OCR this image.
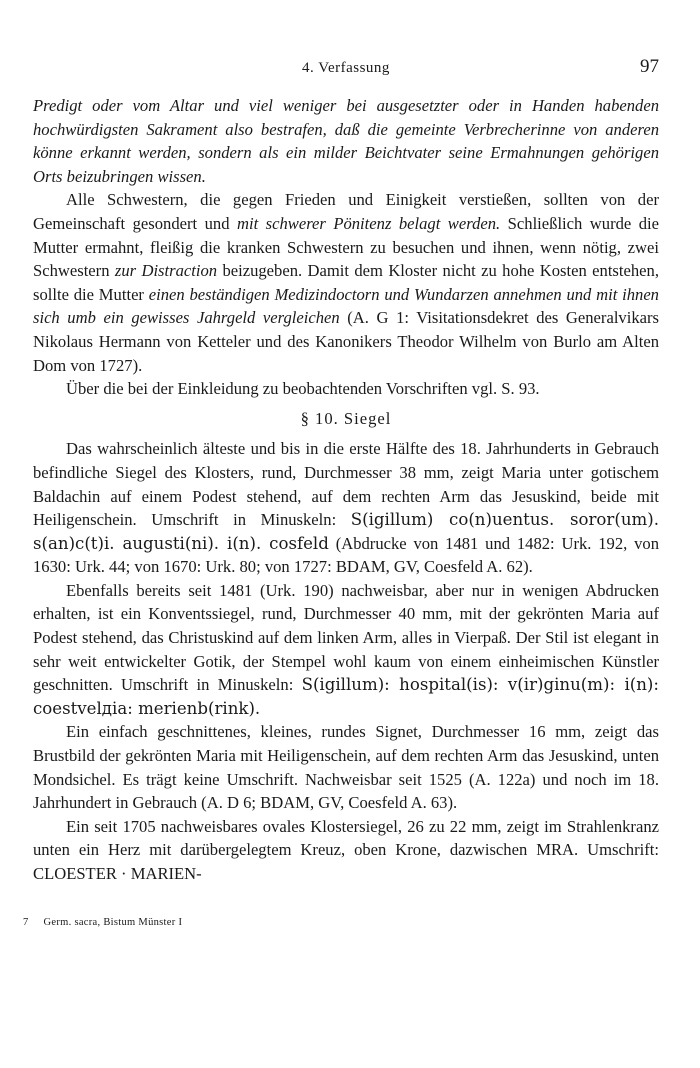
4. Verfassung	97

Predigt oder vom Altar und viel weniger bei ausgesetzter oder in Handen habenden hochwürdigsten Sakrament also bestrafen, daß die gemeinte Verbrecherinne von anderen könne erkannt werden, sondern als ein milder Beichtvater seine Ermahnungen gehörigen Orts beizubringen wissen.

Alle Schwestern, die gegen Frieden und Einigkeit verstießen, sollten von der Gemeinschaft gesondert und mit schwerer Pönitenz belagt werden. Schließlich wurde die Mutter ermahnt, fleißig die kranken Schwestern zu besuchen und ihnen, wenn nötig, zwei Schwestern zur Distraction beizugeben. Damit dem Kloster nicht zu hohe Kosten entstehen, sollte die Mutter einen beständigen Medizindoctorn und Wundarzen annehmen und mit ihnen sich umb ein gewisses Jahrgeld vergleichen (A. G 1: Visitationsdekret des Generalvikars Nikolaus Hermann von Ketteler und des Kanonikers Theodor Wilhelm von Burlo am Alten Dom von 1727).

Über die bei der Einkleidung zu beobachtenden Vorschriften vgl. S. 93.

§ 10. Siegel

Das wahrscheinlich älteste und bis in die erste Hälfte des 18. Jahrhunderts in Gebrauch befindliche Siegel des Klosters, rund, Durchmesser 38 mm, zeigt Maria unter gotischem Baldachin auf einem Podest stehend, auf dem rechten Arm das Jesuskind, beide mit Heiligenschein. Umschrift in Minuskeln: S(igillum) co(n)uentus. soror(um). s(an)c(t)i. augusti(ni). i(n). cosfeld (Abdrucke von 1481 und 1482: Urk. 192, von 1630: Urk. 44; von 1670: Urk. 80; von 1727: BDAM, GV, Coesfeld A. 62).

Ebenfalls bereits seit 1481 (Urk. 190) nachweisbar, aber nur in wenigen Abdrucken erhalten, ist ein Konventssiegel, rund, Durchmesser 40 mm, mit der gekrönten Maria auf Podest stehend, das Christuskind auf dem linken Arm, alles in Vierpaß. Der Stil ist elegant in sehr weit entwickelter Gotik, der Stempel wohl kaum von einem einheimischen Künstler geschnitten. Umschrift in Minuskeln: S(igillum): hospital(is): v(ir)ginu(m): i(n): coestvelдia: merienb(rink).

Ein einfach geschnittenes, kleines, rundes Signet, Durchmesser 16 mm, zeigt das Brustbild der gekrönten Maria mit Heiligenschein, auf dem rechten Arm das Jesuskind, unten Mondsichel. Es trägt keine Umschrift. Nachweisbar seit 1525 (A. 122a) und noch im 18. Jahrhundert in Gebrauch (A. D 6; BDAM, GV, Coesfeld A. 63).

Ein seit 1705 nachweisbares ovales Klostersiegel, 26 zu 22 mm, zeigt im Strahlenkranz unten ein Herz mit darübergelegtem Kreuz, oben Krone, dazwischen MRA. Umschrift: CLOESTER · MARIEN-

7 Germ. sacra, Bistum Münster I
